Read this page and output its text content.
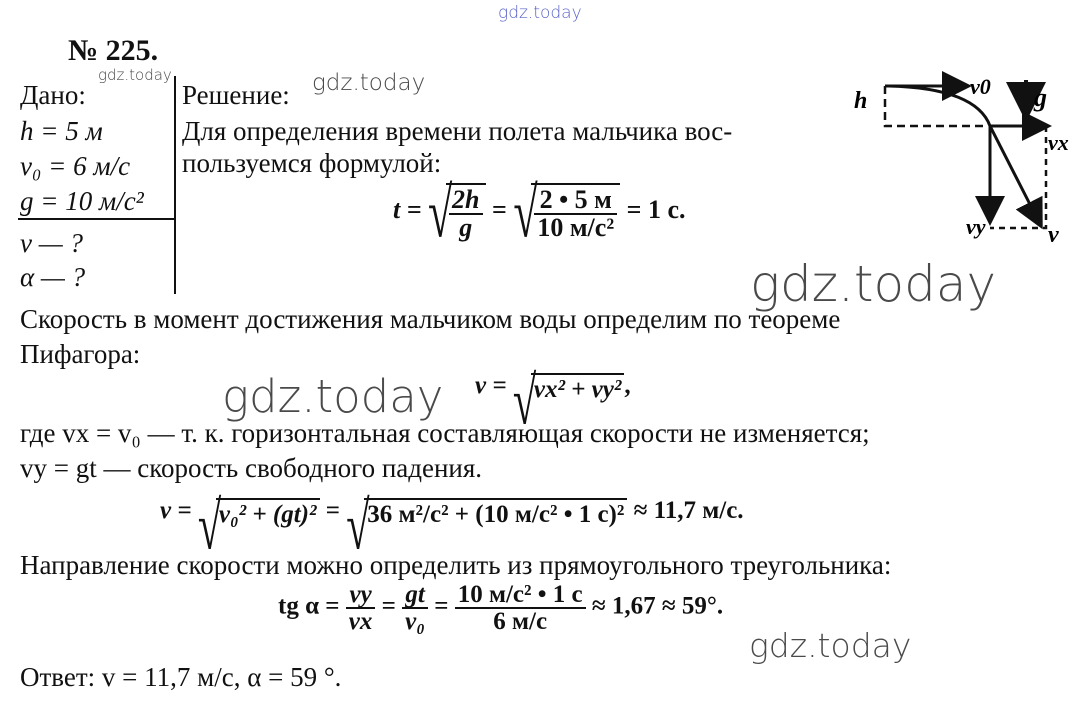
gdz.today
gdz.today	gdz.today
gdz.today
gdz.today
gdz.today
№ 225.
Дано:
h = 5 м
v₀ = 6 м/с
g = 10 м/с²
v — ?
α — ?
Решение:
Для определения времени полета мальчика вос-
пользуемся формулой:
t = √ $\frac{2h}{g}$ = √ $\frac{2 • 5 м}{\text{10 м/с²}} = 1$ с.
Скорость в момент достижения мальчиком воды определим по теореме
Пифагора:
v = √ vx² + vy² ,
где vx = v₀ — т. к. горизонтальная составляющая скорости не изменяется;
vy = gt — скорость свободного падения.
v = √ v₀² + (gt)² = √ 36 м²/с² + (10 м/с² • 1 с)² ≈ 11,7 м/с.
Направление скорости можно определить из прямоугольного треугольника:
tg $\alpha = \frac{vy}{vx} = \frac{gt}{\text{v₀}} = \frac{\text{10 м/с² • 1 с}}{6 м/с} \approx 1,67 \approx 59^\circ$.
Ответ: v = 11,7 м/с, α = 59 °.
h
v0 g
vx
vy	v
